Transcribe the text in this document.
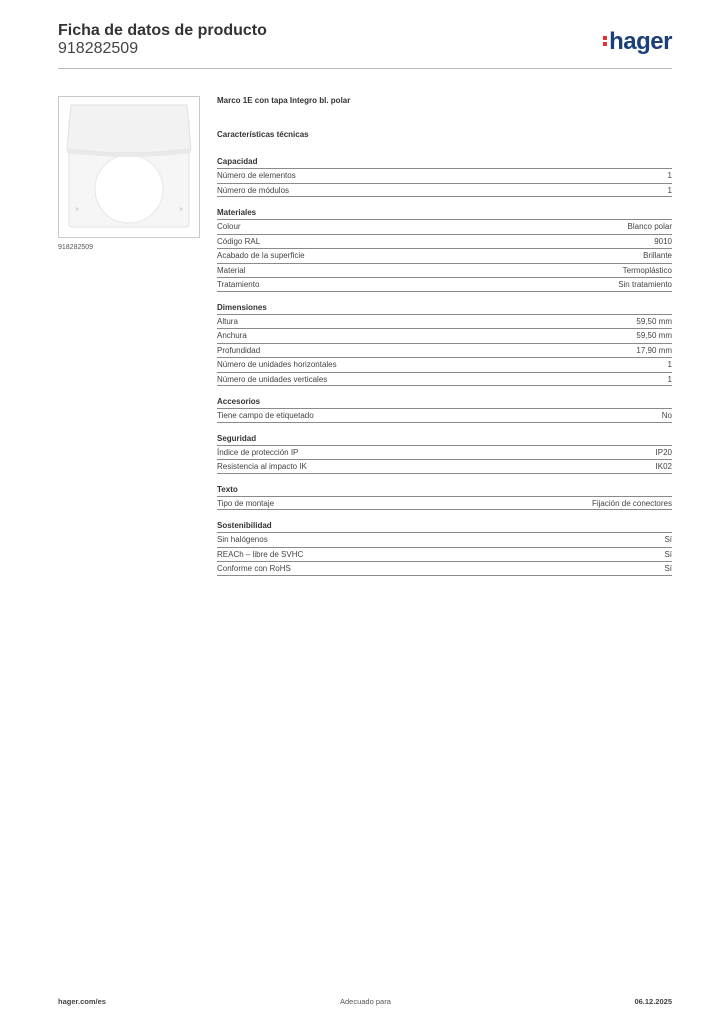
Ficha de datos de producto
918282509	hager
918282509
Marco 1E con tapa Integro bl. polar
Características técnicas
Capacidad
Número de elementos	1
Número de módulos	1
Materiales
Colour	Blanco polar
Código RAL	9010
Acabado de la superficie	Brillante
Material	Termoplástico
Tratamiento	Sin tratamiento
Dimensiones
Altura	59,50 mm
Anchura	59,50 mm
Profundidad	17,90 mm
Número de unidades horizontales	1
Número de unidades verticales	1
Accesorios
Tiene campo de etiquetado	No
Seguridad
Índice de protección IP	IP20
Resistencia al impacto IK	IK02
Texto
Tipo de montaje	Fijación de conectores
Sostenibilidad
Sin halógenos	Sí
REACh – libre de SVHC	Sí
Conforme con RoHS	Sí
hager.com/es	Adecuado para	06.12.2025
